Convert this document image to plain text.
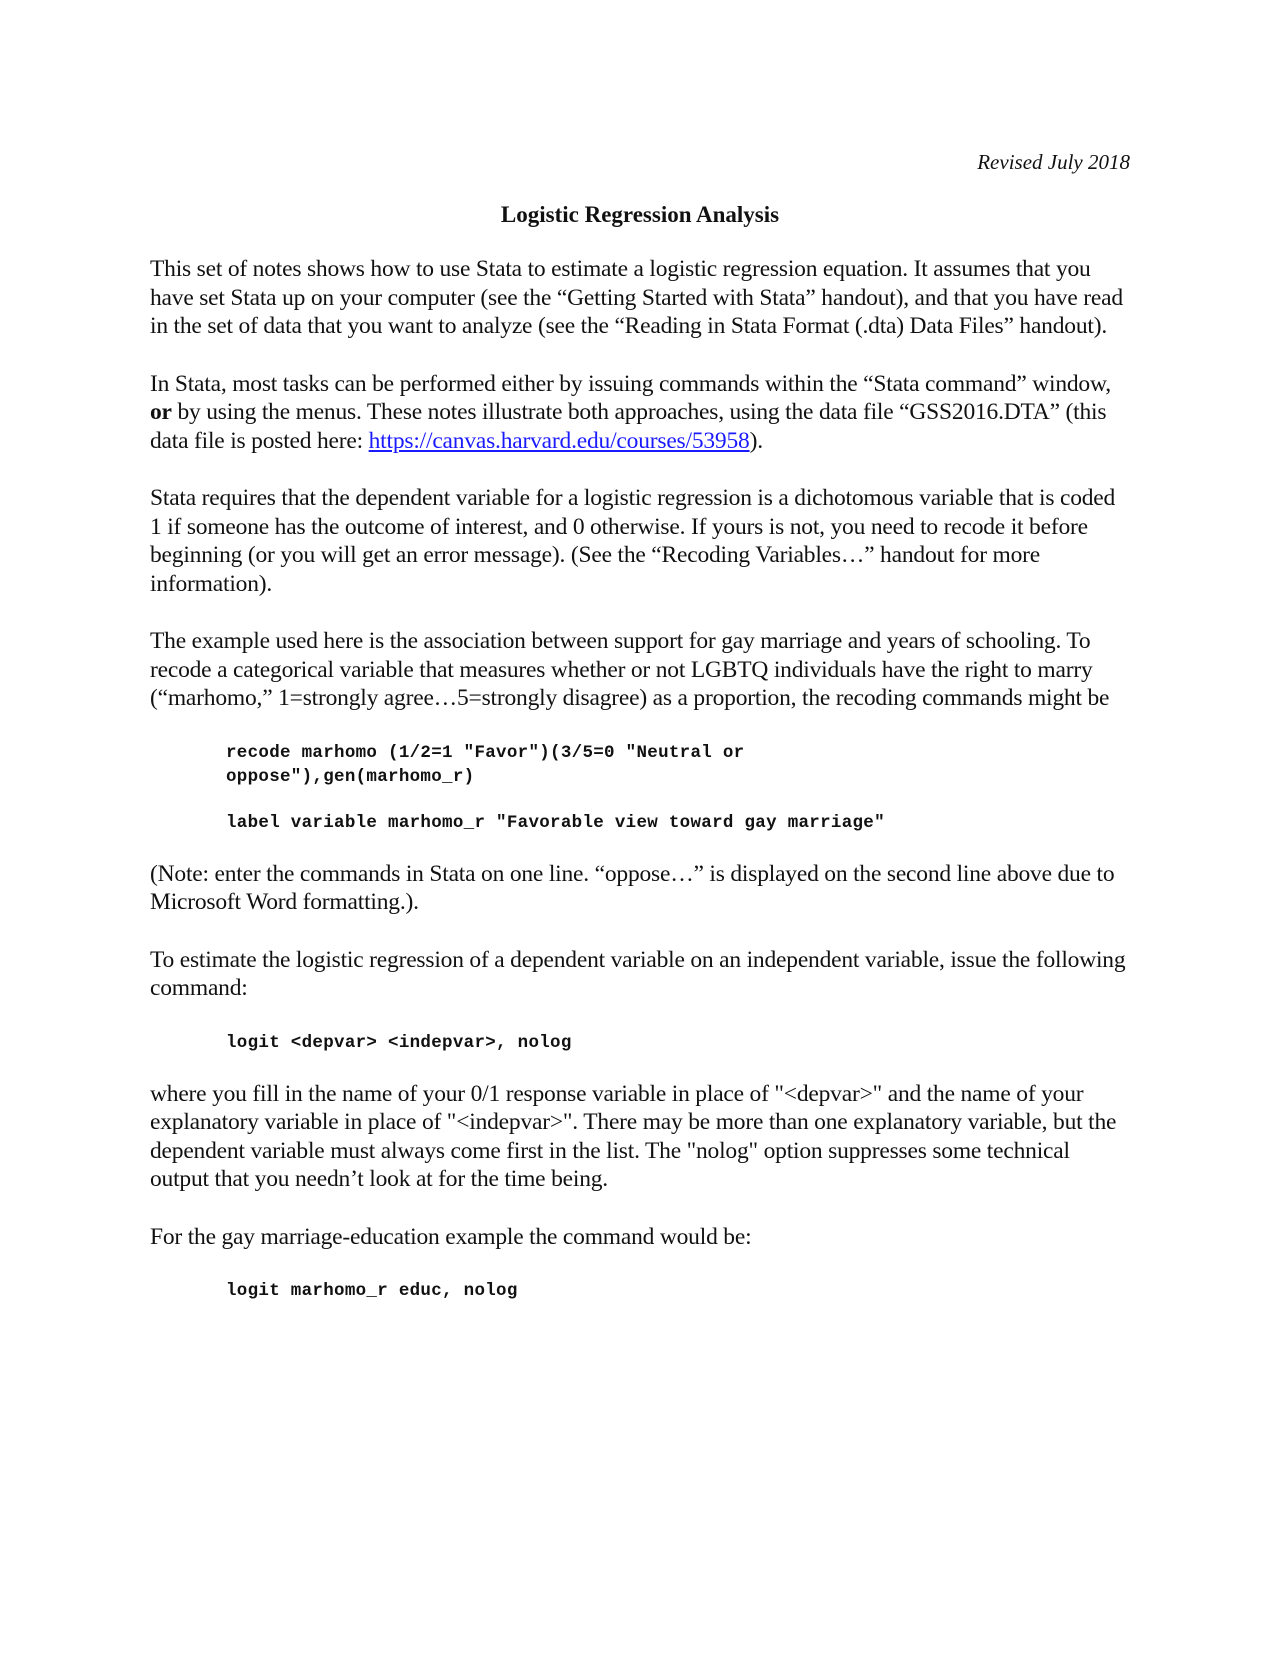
Revised July 2018

Logistic Regression Analysis

This set of notes shows how to use Stata to estimate a logistic regression equation. It assumes that you have set Stata up on your computer (see the “Getting Started with Stata” handout), and that you have read in the set of data that you want to analyze (see the “Reading in Stata Format (.dta) Data Files” handout).

In Stata, most tasks can be performed either by issuing commands within the “Stata command” window, or by using the menus. These notes illustrate both approaches, using the data file “GSS2016.DTA” (this data file is posted here: https://canvas.harvard.edu/courses/53958).

Stata requires that the dependent variable for a logistic regression is a dichotomous variable that is coded 1 if someone has the outcome of interest, and 0 otherwise. If yours is not, you need to recode it before beginning (or you will get an error message). (See the “Recoding Variables…” handout for more information).

The example used here is the association between support for gay marriage and years of schooling. To recode a categorical variable that measures whether or not LGBTQ individuals have the right to marry (“marhomo,” 1=strongly agree…5=strongly disagree) as a proportion, the recoding commands might be

recode marhomo (1/2=1 "Favor")(3/5=0 "Neutral or
oppose"),gen(marhomo_r)
label variable marhomo_r "Favorable view toward gay marriage"

(Note: enter the commands in Stata on one line. “oppose…” is displayed on the second line above due to Microsoft Word formatting.).

To estimate the logistic regression of a dependent variable on an independent variable, issue the following command:

logit <depvar> <indepvar>, nolog

where you fill in the name of your 0/1 response variable in place of "<depvar>" and the name of your explanatory variable in place of "<indepvar>". There may be more than one explanatory variable, but the dependent variable must always come first in the list. The "nolog" option suppresses some technical output that you needn’t look at for the time being.

For the gay marriage-education example the command would be:

logit marhomo_r educ, nolog
